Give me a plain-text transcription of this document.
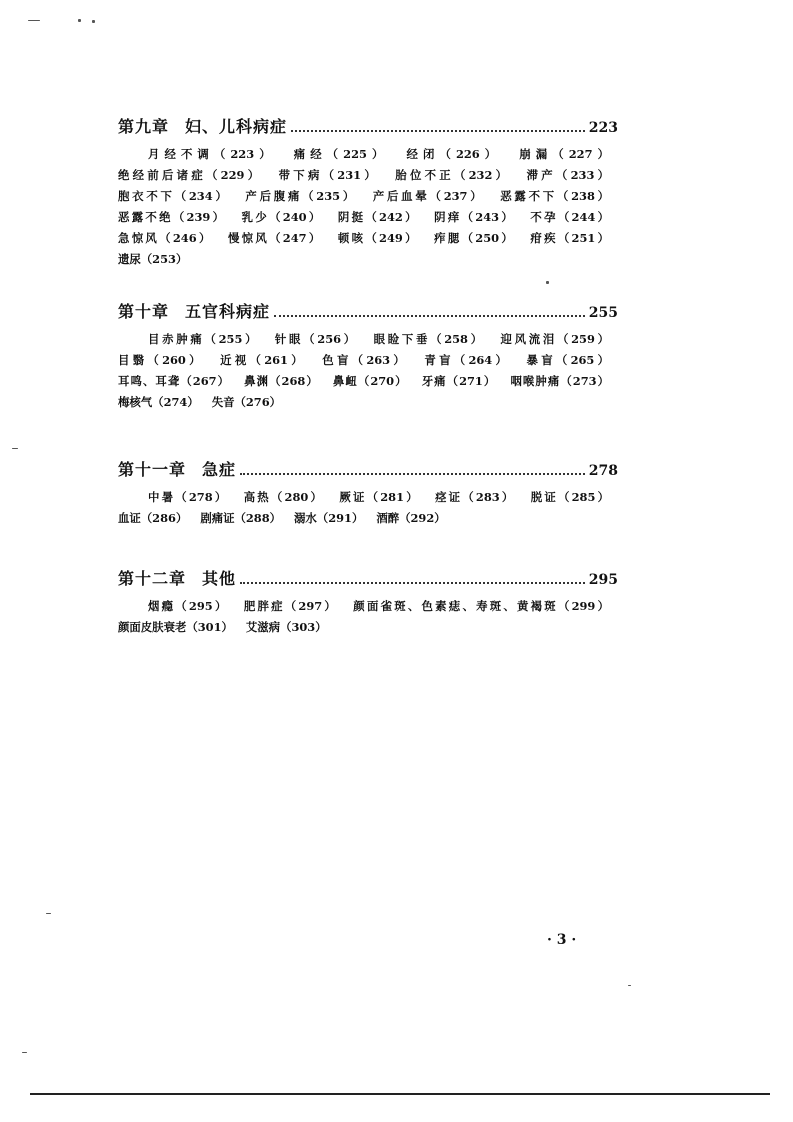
第九章 妇、儿科病症	223
月经不调（223） 痛经（225） 经闭（226） 崩漏（227） 绝经前后诸症（229） 带下病（231） 胎位不正（232） 滞产（233） 胞衣不下（234） 产后腹痛（235） 产后血晕（237） 恶露不下（238） 恶露不绝（239） 乳少（240） 阴挺（242） 阴痒（243） 不孕（244） 急惊风（246） 慢惊风（247） 顿咳（249） 痄腮（250） 疳疾（251） 遗尿（253）
第十章 五官科病症	255
目赤肿痛（255） 针眼（256） 眼睑下垂（258） 迎风流泪（259） 目翳（260） 近视（261） 色盲（263） 青盲（264） 暴盲（265） 耳鸣、耳聋（267） 鼻渊（268） 鼻衄（270） 牙痛（271） 咽喉肿痛（273） 梅核气（274） 失音（276）
第十一章 急症	278
中暑（278） 高热（280） 厥证（281） 痉证（283） 脱证（285） 血证（286） 剧痛证（288） 溺水（291） 酒醉（292）
第十二章 其他	295
烟瘾（295） 肥胖症（297） 颜面雀斑、色素痣、寿斑、黄褐斑（299） 颜面皮肤衰老（301） 艾滋病（303）
· 3 ·
